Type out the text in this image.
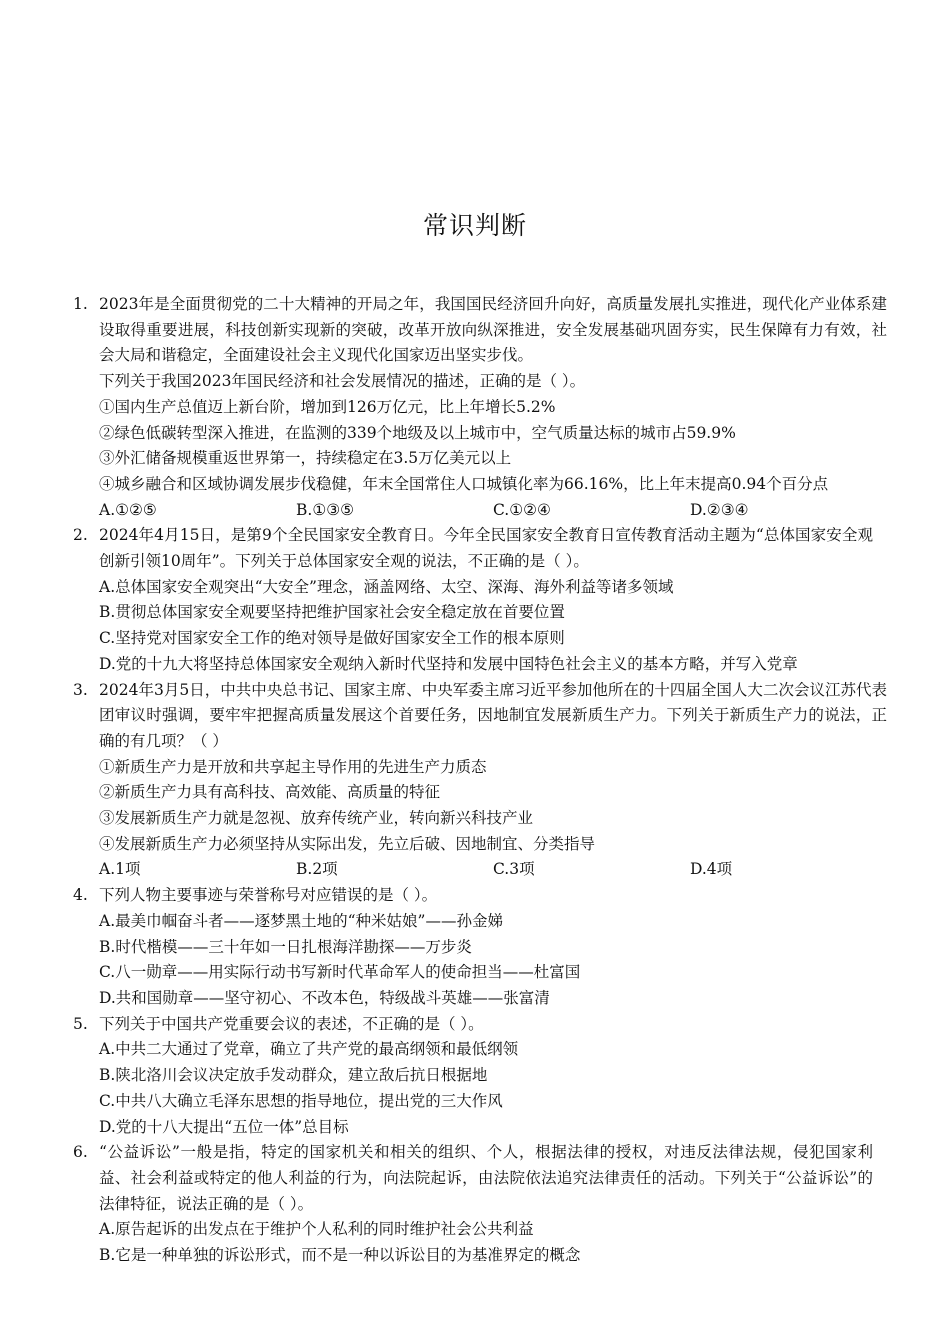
常识判断
1. 2023年是全面贯彻党的二十大精神的开局之年，我国国民经济回升向好，高质量发展扎实推进，现代化产业体系建设取得重要进展，科技创新实现新的突破，改革开放向纵深推进，安全发展基础巩固夯实，民生保障有力有效，社会大局和谐稳定，全面建设社会主义现代化国家迈出坚实步伐。
下列关于我国2023年国民经济和社会发展情况的描述，正确的是（ ）。
①国内生产总值迈上新台阶，增加到126万亿元，比上年增长5.2%
②绿色低碳转型深入推进，在监测的339个地级及以上城市中，空气质量达标的城市占59.9%
③外汇储备规模重返世界第一，持续稳定在3.5万亿美元以上
④城乡融合和区域协调发展步伐稳健，年末全国常住人口城镇化率为66.16%，比上年末提高0.94个百分点
A.①②⑤	B.①③⑤	C.①②④	D.②③④
2. 2024年4月15日，是第9个全民国家安全教育日。今年全民国家安全教育日宣传教育活动主题为“总体国家安全观创新引领10周年”。下列关于总体国家安全观的说法，不正确的是（ ）。
A.总体国家安全观突出“大安全”理念，涵盖网络、太空、深海、海外利益等诸多领域
B.贯彻总体国家安全观要坚持把维护国家社会安全稳定放在首要位置
C.坚持党对国家安全工作的绝对领导是做好国家安全工作的根本原则
D.党的十九大将坚持总体国家安全观纳入新时代坚持和发展中国特色社会主义的基本方略，并写入党章
3. 2024年3月5日，中共中央总书记、国家主席、中央军委主席习近平参加他所在的十四届全国人大二次会议江苏代表团审议时强调，要牢牢把握高质量发展这个首要任务，因地制宜发展新质生产力。下列关于新质生产力的说法，正确的有几项？（ ）
①新质生产力是开放和共享起主导作用的先进生产力质态
②新质生产力具有高科技、高效能、高质量的特征
③发展新质生产力就是忽视、放弃传统产业，转向新兴科技产业
④发展新质生产力必须坚持从实际出发，先立后破、因地制宜、分类指导
A.1项	B.2项	C.3项	D.4项
4. 下列人物主要事迹与荣誉称号对应错误的是（ ）。
A.最美巾帼奋斗者——逐梦黑土地的“种米姑娘”——孙金娣
B.时代楷模——三十年如一日扎根海洋勘探——万步炎
C.八一勋章——用实际行动书写新时代革命军人的使命担当——杜富国
D.共和国勋章——坚守初心、不改本色，特级战斗英雄——张富清
5. 下列关于中国共产党重要会议的表述，不正确的是（ ）。
A.中共二大通过了党章，确立了共产党的最高纲领和最低纲领
B.陕北洛川会议决定放手发动群众，建立敌后抗日根据地
C.中共八大确立毛泽东思想的指导地位，提出党的三大作风
D.党的十八大提出“五位一体”总目标
6. “公益诉讼”一般是指，特定的国家机关和相关的组织、个人，根据法律的授权，对违反法律法规，侵犯国家利益、社会利益或特定的他人利益的行为，向法院起诉，由法院依法追究法律责任的活动。下列关于“公益诉讼”的法律特征，说法正确的是（ ）。
A.原告起诉的出发点在于维护个人私利的同时维护社会公共利益
B.它是一种单独的诉讼形式，而不是一种以诉讼目的为基准界定的概念
